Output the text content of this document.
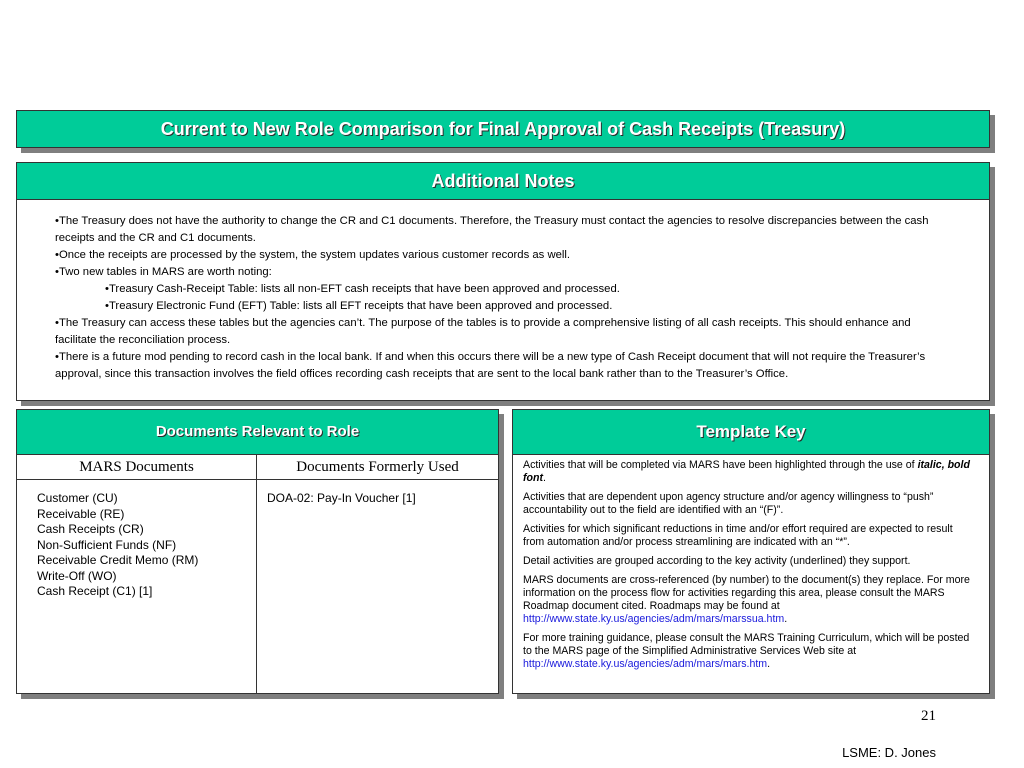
Current to New Role Comparison for Final Approval of Cash Receipts (Treasury)
Additional Notes

•The Treasury does not have the authority to change the CR and C1 documents. Therefore, the Treasury must contact the agencies to resolve discrepancies between the cash receipts and the CR and C1 documents.

•Once the receipts are processed by the system, the system updates various customer records as well.

•Two new tables in MARS are worth noting:

•Treasury Cash-Receipt Table: lists all non-EFT cash receipts that have been approved and processed.

•Treasury Electronic Fund (EFT) Table: lists all EFT receipts that have been approved and processed.

•The Treasury can access these tables but the agencies can’t. The purpose of the tables is to provide a comprehensive listing of all cash receipts. This should enhance and facilitate the reconciliation process.

•There is a future mod pending to record cash in the local bank. If and when this occurs there will be a new type of Cash Receipt document that will not require the Treasurer’s approval, since this transaction involves the field offices recording cash receipts that are sent to the local bank rather than to the Treasurer’s Office.

Documents Relevant to Role
MARS Documents	Documents Formerly Used
Customer (CU)
Receivable (RE)
Cash Receipts (CR)
Non-Sufficient Funds (NF)
Receivable Credit Memo (RM)
Write-Off (WO)
Cash Receipt (C1) [1]
DOA-02: Pay-In Voucher [1]
Template Key

Activities that will be completed via MARS have been highlighted through the use of italic, bold font.

Activities that are dependent upon agency structure and/or agency willingness to “push” accountability out to the field are identified with an “(F)”.

Activities for which significant reductions in time and/or effort required are expected to result from automation and/or process streamlining are indicated with an “*”.

Detail activities are grouped according to the key activity (underlined) they support.

MARS documents are cross-referenced (by number) to the document(s) they replace. For more information on the process flow for activities regarding this area, please consult the MARS Roadmap document cited. Roadmaps may be found at http://www.state.ky.us/agencies/adm/mars/marssua.htm.

For more training guidance, please consult the MARS Training Curriculum, which will be posted to the MARS page of the Simplified Administrative Services Web site at http://www.state.ky.us/agencies/adm/mars/mars.htm.

21
LSME: D. Jones
